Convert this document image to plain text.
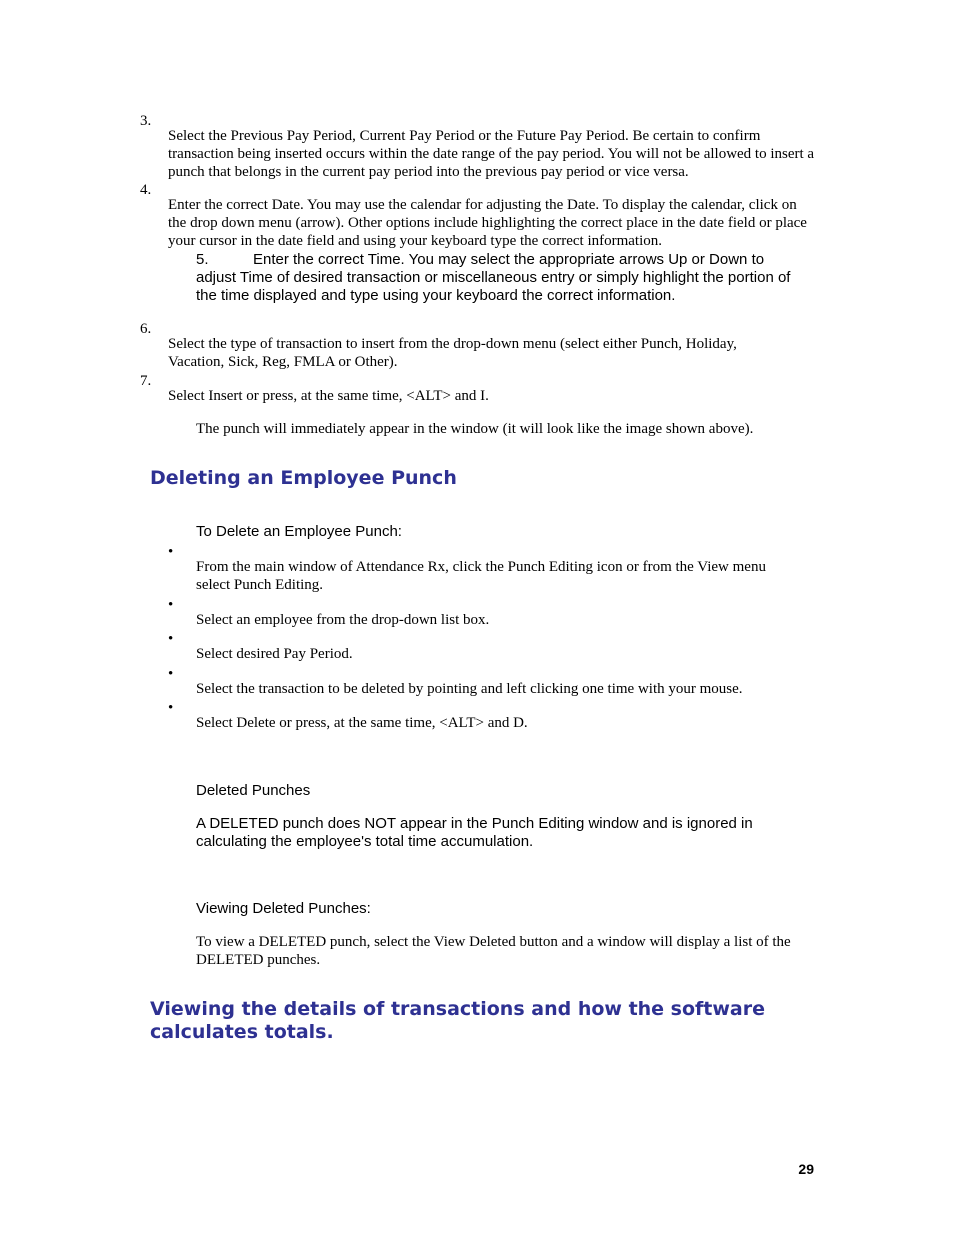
3.

Select the Previous Pay Period, Current Pay Period or the Future Pay Period. Be certain to confirm transaction being inserted occurs within the date range of the pay period. You will not be allowed to insert a punch that belongs in the current pay period into the previous pay period or vice versa.

4.

Enter the correct Date. You may use the calendar for adjusting the Date. To display the calendar, click on the drop down menu (arrow). Other options include highlighting the correct place in the date field or place your cursor in the date field and using your keyboard type the correct information.

5.	Enter the correct Time. You may select the appropriate arrows Up or Down to adjust Time of desired transaction or miscellaneous entry or simply highlight the portion of the time displayed and type using your keyboard the correct information.

6.

Select the type of transaction to insert from the drop-down menu (select either Punch, Holiday, Vacation, Sick, Reg, FMLA or Other).

7.

Select Insert or press, at the same time, <ALT> and I.

The punch will immediately appear in the window (it will look like the image shown above).

Deleting an Employee Punch

To Delete an Employee Punch:

•

From the main window of Attendance Rx, click the Punch Editing icon or from the View menu select Punch Editing.

•

Select an employee from the drop-down list box.

•

Select desired Pay Period.

•

Select the transaction to be deleted by pointing and left clicking one time with your mouse.

•

Select Delete or press, at the same time, <ALT> and D.

Deleted Punches

A DELETED punch does NOT appear in the Punch Editing window and is ignored in calculating the employee's total time accumulation.

Viewing Deleted Punches:

To view a DELETED punch, select the View Deleted button and a window will display a list of the DELETED punches.

Viewing the details of transactions and how the software calculates totals.
29
